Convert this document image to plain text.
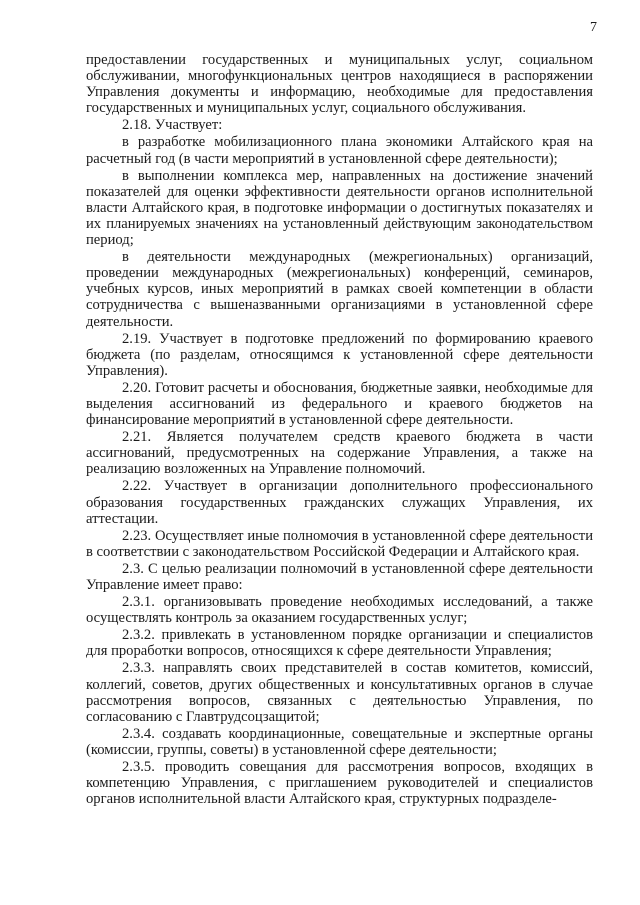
7

предоставлении государственных и муниципальных услуг, социальном обслуживании, многофункциональных центров находящиеся в распоряжении Управления документы и информацию, необходимые для предоставления государственных и муниципальных услуг, социального обслуживания.

2.18. Участвует:

в разработке мобилизационного плана экономики Алтайского края на расчетный год (в части мероприятий в установленной сфере деятельности);

в выполнении комплекса мер, направленных на достижение значений показателей для оценки эффективности деятельности органов исполнительной власти Алтайского края, в подготовке информации о достигнутых показателях и их планируемых значениях на установленный действующим законодательством период;

в деятельности международных (межрегиональных) организаций, проведении международных (межрегиональных) конференций, семинаров, учебных курсов, иных мероприятий в рамках своей компетенции в области сотрудничества с вышеназванными организациями в установленной сфере деятельности.

2.19. Участвует в подготовке предложений по формированию краевого бюджета (по разделам, относящимся к установленной сфере деятельности Управления).

2.20. Готовит расчеты и обоснования, бюджетные заявки, необходимые для выделения ассигнований из федерального и краевого бюджетов на финансирование мероприятий в установленной сфере деятельности.

2.21. Является получателем средств краевого бюджета в части ассигнований, предусмотренных на содержание Управления, а также на реализацию возложенных на Управление полномочий.

2.22. Участвует в организации дополнительного профессионального образования государственных гражданских служащих Управления, их аттестации.

2.23. Осуществляет иные полномочия в установленной сфере деятельности в соответствии с законодательством Российской Федерации и Алтайского края.

2.3. С целью реализации полномочий в установленной сфере деятельности Управление имеет право:

2.3.1. организовывать проведение необходимых исследований, а также осуществлять контроль за оказанием государственных услуг;

2.3.2. привлекать в установленном порядке организации и специалистов для проработки вопросов, относящихся к сфере деятельности Управления;

2.3.3. направлять своих представителей в состав комитетов, комиссий, коллегий, советов, других общественных и консультативных органов в случае рассмотрения вопросов, связанных с деятельностью Управления, по согласованию с Главтрудсоцзащитой;

2.3.4. создавать координационные, совещательные и экспертные органы (комиссии, группы, советы) в установленной сфере деятельности;

2.3.5. проводить совещания для рассмотрения вопросов, входящих в компетенцию Управления, с приглашением руководителей и специалистов органов исполнительной власти Алтайского края, структурных подразделе-
